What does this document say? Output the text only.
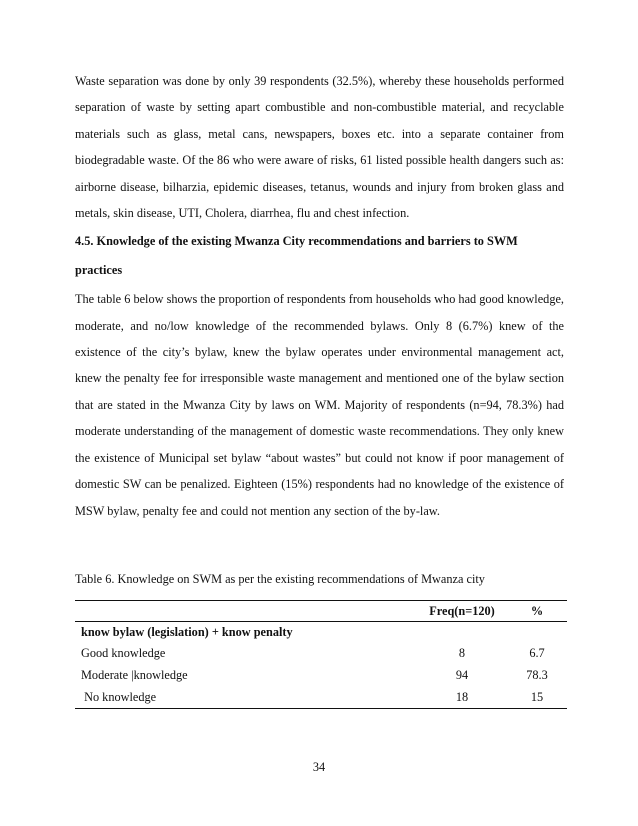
Waste separation was done by only 39 respondents (32.5%), whereby these households performed

separation of waste by setting apart combustible and non-combustible material, and recyclable

materials such as glass, metal cans, newspapers, boxes etc. into a separate container from

biodegradable waste. Of the 86 who were aware of risks, 61 listed possible health dangers such as:

airborne disease, bilharzia, epidemic diseases, tetanus, wounds and injury from broken glass and

metals, skin disease, UTI, Cholera, diarrhea, flu and chest infection.

4.5. Knowledge of the existing Mwanza City recommendations and barriers to SWM

practices

The table 6 below shows the proportion of respondents from households who had good knowledge,

moderate, and no/low knowledge of the recommended bylaws. Only 8 (6.7%) knew of the

existence of the city’s bylaw, knew the bylaw operates under environmental management act,

knew the penalty fee for irresponsible waste management and mentioned one of the bylaw section

that are stated in the Mwanza City by laws on WM. Majority of respondents (n=94, 78.3%) had

moderate understanding of the management of domestic waste recommendations. They only knew

the existence of Municipal set bylaw “about wastes” but could not know if poor management of

domestic SW can be penalized. Eighteen (15%) respondents had no knowledge of the existence of

MSW bylaw, penalty fee and could not mention any section of the by-law.

Table 6. Knowledge on SWM as per the existing recommendations of Mwanza city
	Freq(n=120)	%
know bylaw (legislation) + know penalty		
Good knowledge	8	6.7
Moderate |knowledge	94	78.3
No knowledge	18	15
34
